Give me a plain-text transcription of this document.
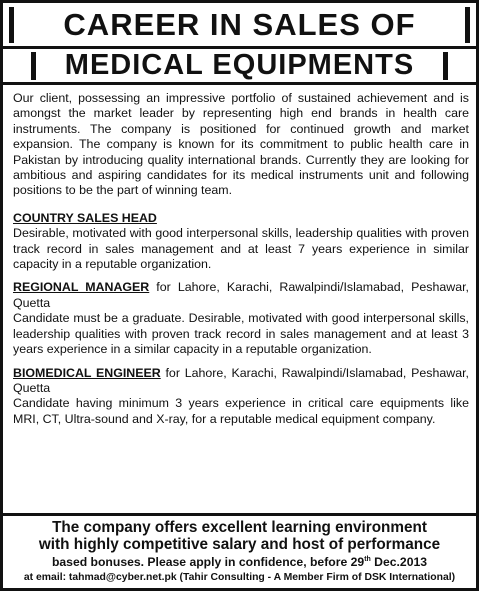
CAREER IN SALES OF
MEDICAL EQUIPMENTS

Our client, possessing an impressive portfolio of sustained achievement and is amongst the market leader by representing high end brands in health care instruments. The company is positioned for continued growth and market expansion. The company is known for its commitment to public health care in Pakistan by introducing quality international brands. Currently they are looking for ambitious and aspiring candidates for its medical instruments unit and following positions to be the part of winning team.

COUNTRY SALES HEAD

Desirable, motivated with good interpersonal skills, leadership qualities with proven track record in sales management and at least 7 years experience in similar capacity in a reputable organization.

REGIONAL MANAGER for Lahore, Karachi, Rawalpindi/Islamabad, Peshawar, Quetta

Candidate must be a graduate. Desirable, motivated with good interpersonal skills, leadership qualities with proven track record in sales management and at least 3 years experience in a similar capacity in a reputable organization.

BIOMEDICAL ENGINEER for Lahore, Karachi, Rawalpindi/Islamabad, Peshawar, Quetta

Candidate having minimum 3 years experience in critical care equipments like MRI, CT, Ultra-sound and X-ray, for a reputable medical equipment company.

The company offers excellent learning environment
with highly competitive salary and host of performance
based bonuses. Please apply in confidence, before 29th Dec.2013
at email: tahmad@cyber.net.pk (Tahir Consulting - A Member Firm of DSK International)
